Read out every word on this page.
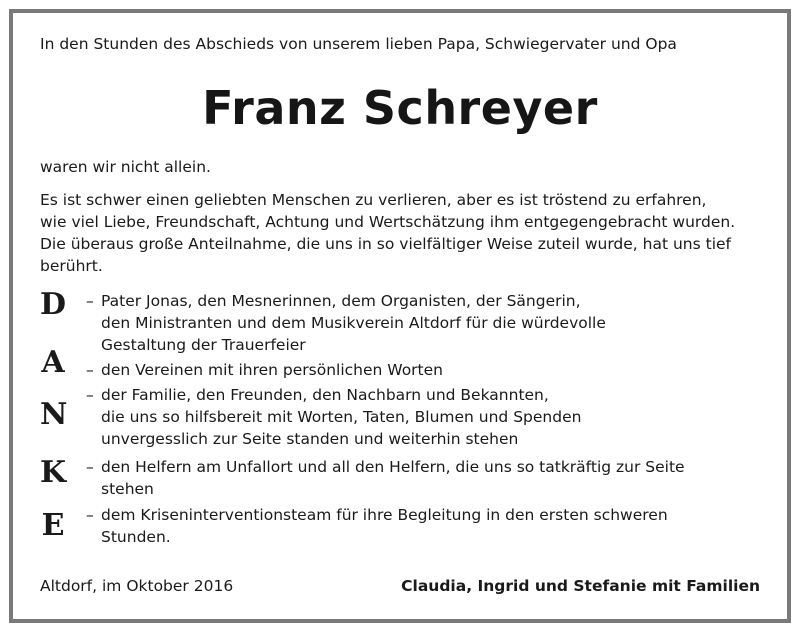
In den Stunden des Abschieds von unserem lieben Papa, Schwiegervater und Opa
Franz Schreyer
waren wir nicht allein.
Es ist schwer einen geliebten Menschen zu verlieren, aber es ist tröstend zu erfahren,
wie viel Liebe, Freundschaft, Achtung und Wertschätzung ihm entgegengebracht wurden.
Die überaus große Anteilnahme, die uns in so vielfältiger Weise zuteil wurde, hat uns tief
berührt.
D – Pater Jonas, den Mesnerinnen, dem Organisten, der Sängerin,
den Ministranten und dem Musikverein Altdorf für die würdevolle
Gestaltung der Trauerfeier
A – den Vereinen mit ihren persönlichen Worten
N
– der Familie, den Freunden, den Nachbarn und Bekannten,
die uns so hilfsbereit mit Worten, Taten, Blumen und Spenden
unvergesslich zur Seite standen und weiterhin stehen
K – den Helfern am Unfallort und all den Helfern, die uns so tatkräftig zur Seite
stehen
E – dem Kriseninterventionsteam für ihre Begleitung in den ersten schweren
Stunden.
Altdorf, im Oktober 2016	Claudia, Ingrid und Stefanie mit Familien
